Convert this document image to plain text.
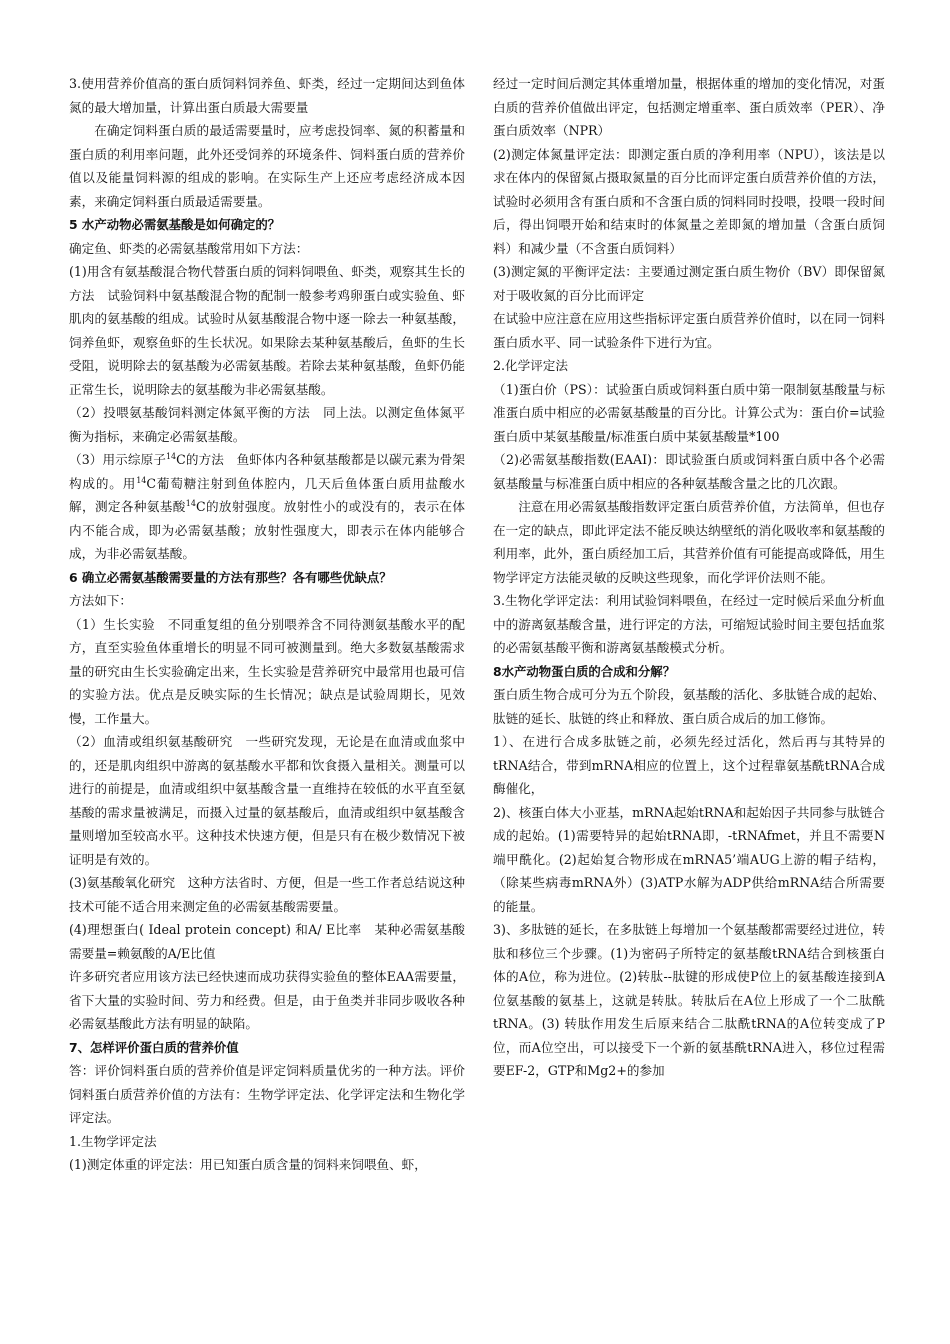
3.使用营养价值高的蛋白质饲料饲养鱼、虾类，经过一定期间达到鱼体氮的最大增加量，计算出蛋白质最大需要量

在确定饲料蛋白质的最适需要量时，应考虑投饲率、氮的积蓄量和蛋白质的利用率问题，此外还受饲养的环境条件、饲料蛋白质的营养价值以及能量饲料源的组成的影响。在实际生产上还应考虑经济成本因素，来确定饲料蛋白质最适需要量。

5 水产动物必需氨基酸是如何确定的？

确定鱼、虾类的必需氨基酸常用如下方法：

(1)用含有氨基酸混合物代替蛋白质的饲料饲喂鱼、虾类，观察其生长的方法　试验饲料中氨基酸混合物的配制一般参考鸡卵蛋白或实验鱼、虾肌肉的氨基酸的组成。试验时从氨基酸混合物中逐一除去一种氨基酸，饲养鱼虾，观察鱼虾的生长状况。如果除去某种氨基酸后，鱼虾的生长受阻，说明除去的氨基酸为必需氨基酸。若除去某种氨基酸，鱼虾仍能正常生长，说明除去的氨基酸为非必需氨基酸。

（2）投喂氨基酸饲料测定体氮平衡的方法　同上法。以测定鱼体氮平衡为指标，来确定必需氨基酸。

（3）用示综原子$^{14}$C的方法　鱼虾体内各种氨基酸都是以碳元素为骨架构成的。用$^{14}$C葡萄糖注射到鱼体腔内，几天后鱼体蛋白质用盐酸水解，测定各种氨基酸$^{14}$C的放射强度。放射性小的或没有的，表示在体内不能合成，即为必需氨基酸；放射性强度大，即表示在体内能够合成，为非必需氨基酸。

6 确立必需氨基酸需要量的方法有那些？各有哪些优缺点？

方法如下：

（1）生长实验　不同重复组的鱼分别喂养含不同待测氨基酸水平的配方，直至实验鱼体重增长的明显不同可被测量到。绝大多数氨基酸需求量的研究由生长实验确定出来，生长实验是营养研究中最常用也最可信的实验方法。优点是反映实际的生长情况；缺点是试验周期长，见效慢，工作量大。

（2）血清或组织氨基酸研究　一些研究发现，无论是在血清或血浆中的，还是肌肉组织中游离的氨基酸水平都和饮食摄入量相关。测量可以进行的前提是，血清或组织中氨基酸含量一直维持在较低的水平直至氨基酸的需求量被满足，而摄入过量的氨基酸后，血清或组织中氨基酸含量则增加至较高水平。这种技术快速方便，但是只有在极少数情况下被证明是有效的。

(3)氨基酸氧化研究　这种方法省时、方便，但是一些工作者总结说这种技术可能不适合用来测定鱼的必需氨基酸需要量。

(4)理想蛋白( Ideal protein concept) 和A/ E比率　某种必需氨基酸需要量=赖氨酸的A/E比值

许多研究者应用该方法已经快速而成功获得实验鱼的整体EAA需要量，省下大量的实验时间、劳力和经费。但是，由于鱼类并非同步吸收各种必需氨基酸此方法有明显的缺陷。

7、怎样评价蛋白质的营养价值

答：评价饲料蛋白质的营养价值是评定饲料质量优劣的一种方法。评价饲料蛋白质营养价值的方法有：生物学评定法、化学评定法和生物化学评定法。

1.生物学评定法

(1)测定体重的评定法：用已知蛋白质含量的饲料来饲喂鱼、虾，

经过一定时间后测定其体重增加量，根据体重的增加的变化情况，对蛋白质的营养价值做出评定，包括测定增重率、蛋白质效率（PER）、净蛋白质效率（NPR）

(2)测定体氮量评定法：即测定蛋白质的净利用率（NPU），该法是以求在体内的保留氮占摄取氮量的百分比而评定蛋白质营养价值的方法，试验时必须用含有蛋白质和不含蛋白质的饲料同时投喂，投喂一段时间后，得出饲喂开始和结束时的体氮量之差即氮的增加量（含蛋白质饲料）和减少量（不含蛋白质饲料）

(3)测定氮的平衡评定法：主要通过测定蛋白质生物价（BV）即保留氮对于吸收氮的百分比而评定

在试验中应注意在应用这些指标评定蛋白质营养价值时，以在同一饲料蛋白质水平、同一试验条件下进行为宜。

2.化学评定法

（1)蛋白价（PS）：试验蛋白质或饲料蛋白质中第一限制氨基酸量与标准蛋白质中相应的必需氨基酸量的百分比。计算公式为：蛋白价=试验蛋白质中某氨基酸量/标准蛋白质中某氨基酸量*100

（2)必需氨基酸指数(EAAI)：即试验蛋白质或饲料蛋白质中各个必需氨基酸量与标准蛋白质中相应的各种氨基酸含量之比的几次跟。

注意在用必需氨基酸指数评定蛋白质营养价值，方法简单，但也存在一定的缺点，即此评定法不能反映达纳壁纸的消化吸收率和氨基酸的利用率，此外，蛋白质经加工后，其营养价值有可能提高或降低，用生物学评定方法能灵敏的反映这些现象，而化学评价法则不能。

3.生物化学评定法：利用试验饲料喂鱼，在经过一定时候后采血分析血中的游离氨基酸含量，进行评定的方法，可缩短试验时间主要包括血浆的必需氨基酸平衡和游离氨基酸模式分析。

8水产动物蛋白质的合成和分解？

蛋白质生物合成可分为五个阶段，氨基酸的活化、多肽链合成的起始、肽链的延长、肽链的终止和释放、蛋白质合成后的加工修饰。

1）、在进行合成多肽链之前，必须先经过活化，然后再与其特异的tRNA结合，带到mRNA相应的位置上，这个过程靠氨基酰tRNA合成酶催化，

2)、核蛋白体大小亚基，mRNA起始tRNA和起始因子共同参与肽链合成的起始。(1)需要特异的起始tRNA即，-tRNAfmet，并且不需要N端甲酰化。(2)起始复合物形成在mRNA5’端AUG上游的帽子结构，（除某些病毒mRNA外）(3)ATP水解为ADP供给mRNA结合所需要的能量。

3)、多肽链的延长，在多肽链上每增加一个氨基酸都需要经过进位，转肽和移位三个步骤。(1)为密码子所特定的氨基酸tRNA结合到核蛋白体的A位，称为进位。(2)转肽--肽键的形成使P位上的氨基酸连接到A位氨基酸的氨基上，这就是转肽。转肽后在A位上形成了一个二肽酰tRNA。(3) 转肽作用发生后原来结合二肽酰tRNA的A位转变成了P位，而A位空出，可以接受下一个新的氨基酰tRNA进入，移位过程需要EF-2，GTP和Mg2+的参加
